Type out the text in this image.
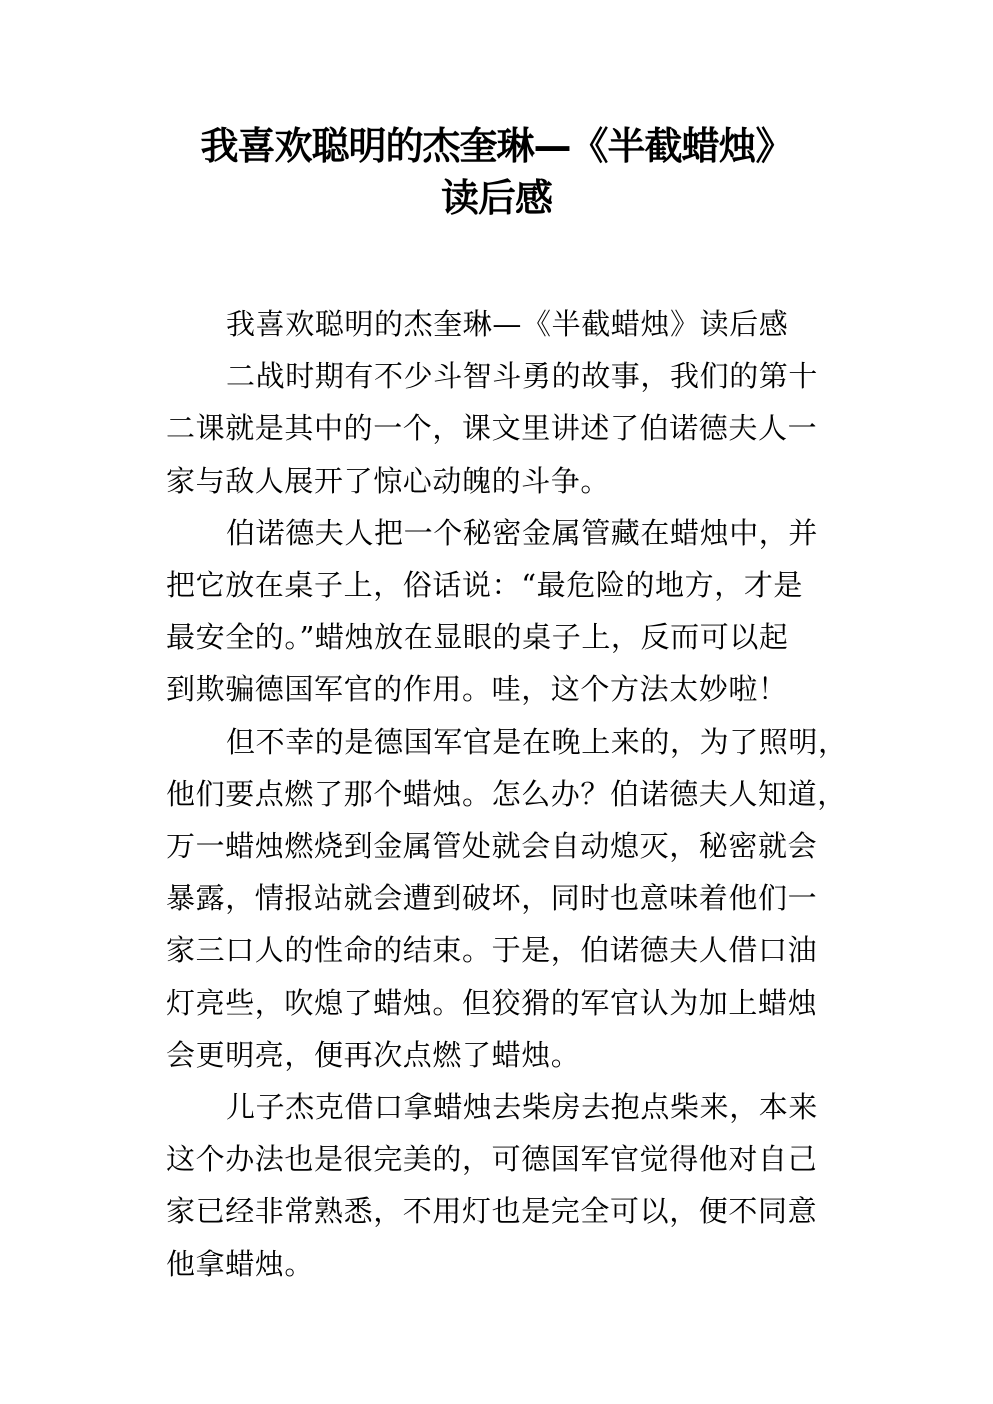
我喜欢聪明的杰奎琳—《半截蜡烛》
读后感
我喜欢聪明的杰奎琳—《半截蜡烛》读后感
二战时期有不少斗智斗勇的故事，我们的第十
二课就是其中的一个，课文里讲述了伯诺德夫人一
家与敌人展开了惊心动魄的斗争。
伯诺德夫人把一个秘密金属管藏在蜡烛中，并
把它放在桌子上，俗话说：“最危险的地方，才是
最安全的。”蜡烛放在显眼的桌子上，反而可以起
到欺骗德国军官的作用。哇，这个方法太妙啦！
但不幸的是德国军官是在晚上来的，为了照明，
他们要点燃了那个蜡烛。怎么办？伯诺德夫人知道，
万一蜡烛燃烧到金属管处就会自动熄灭，秘密就会
暴露，情报站就会遭到破坏，同时也意味着他们一
家三口人的性命的结束。于是，伯诺德夫人借口油
灯亮些，吹熄了蜡烛。但狡猾的军官认为加上蜡烛
会更明亮，便再次点燃了蜡烛。
儿子杰克借口拿蜡烛去柴房去抱点柴来，本来
这个办法也是很完美的，可德国军官觉得他对自己
家已经非常熟悉，不用灯也是完全可以，便不同意
他拿蜡烛。
